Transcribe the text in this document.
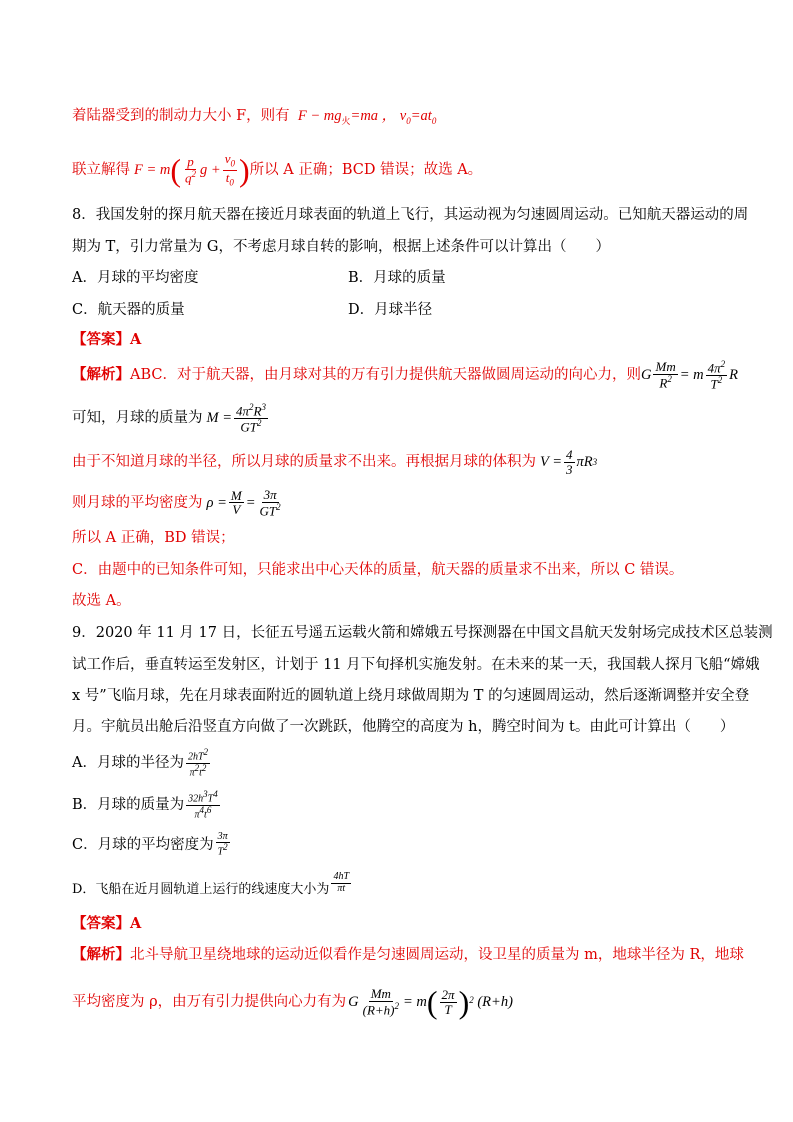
着陆器受到的制动力大小 F，则有  $F - mg_火=ma$ ， $v_0=at_0$
联立解得 F = m ( $\frac{p}{q^2}$ $g + \frac{v_0}{t_0}$ ) 所以 A 正确；BCD 错误；故选 A。
8．我国发射的探月航天器在接近月球表面的轨道上飞行，其运动视为匀速圆周运动。已知航天器运动的周
期为 T，引力常量为 G，不考虑月球自转的影响，根据上述条件可以计算出（　　）
A．月球的平均密度	B．月球的质量
C．航天器的质量	D．月球半径
【答案】A
【解析】 ABC．对于航天器，由月球对其的万有引力提供航天器做圆周运动的向心力，则 G $\frac{Mm}{R^2} = m \frac{4\pi^2}{T^2}$ R
可知，月球的质量为 $M = \frac{4\pi^2R^3}{GT^2}$
由于不知道月球的半径，所以月球的质量求不出来。再根据月球的体积为 $V = \frac{4}{3}$ πR 3
则月球的平均密度为 $\rho = \frac{M}{V} = \frac{3\pi}{GT^2}$
所以 A 正确，BD 错误；
C．由题中的已知条件可知，只能求出中心天体的质量，航天器的质量求不出来，所以 C 错误。
故选 A。
9．2020 年 11 月 17 日，长征五号遥五运载火箭和嫦娥五号探测器在中国文昌航天发射场完成技术区总装测
试工作后，垂直转运至发射区，计划于 11 月下旬择机实施发射。在未来的某一天，我国载人探月飞船“嫦娥
x 号”飞临月球，先在月球表面附近的圆轨道上绕月球做周期为 T 的匀速圆周运动，然后逐渐调整并安全登
月。宇航员出舱后沿竖直方向做了一次跳跃，他腾空的高度为 h，腾空时间为 t。由此可计算出（　　）
A．月球的半径为 $\frac{2hT^2}{\pi^2t^2}$
B．月球的质量为 $\frac{32h^3T^4}{\pi^4t^6}$
C．月球的平均密度为 $\frac{3\pi}{T^2}$
D．飞船在近月圆轨道上运行的线速度大小为 $\frac{4hT}{\pi t}$
【答案】A
【解析】北斗导航卫星绕地球的运动近似看作是匀速圆周运动，设卫星的质量为 m，地球半径为 R，地球
平均密度为 ρ，由万有引力提供向心力有为 G $\frac{Mm}{(R+h)^2} = m$ ( $\frac{2\pi}{T}$ ) 2 (R+h)
